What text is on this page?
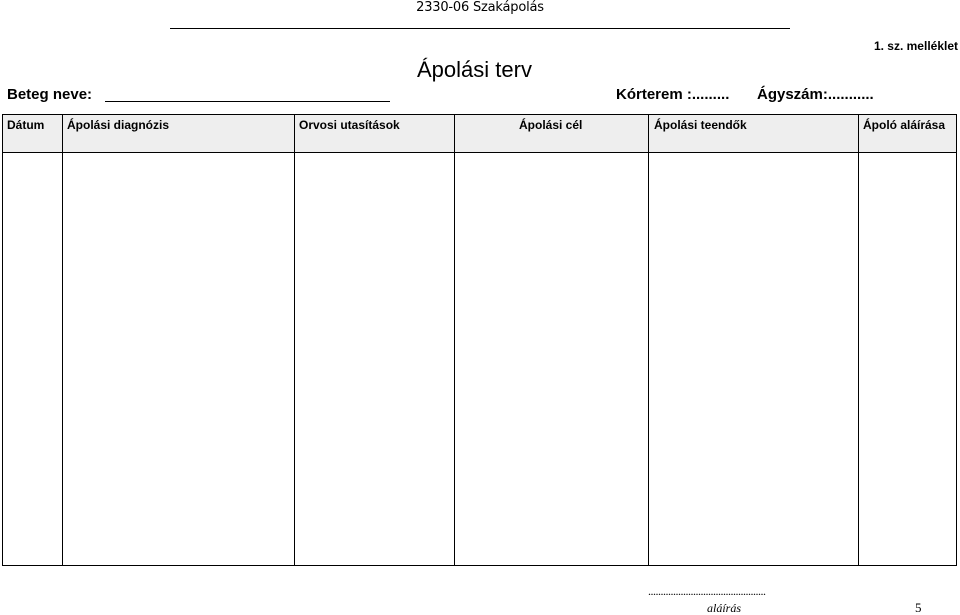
2330-06 Szakápolás
1. sz. melléklet
Ápolási terv
Beteg neve:	Kórterem :......... Ágyszám:...........
Dátum	Ápolási diagnózis	Orvosi utasítások	Ápolási cél	Ápolási teendők	Ápoló aláírása

...............................................
aláírás	5
